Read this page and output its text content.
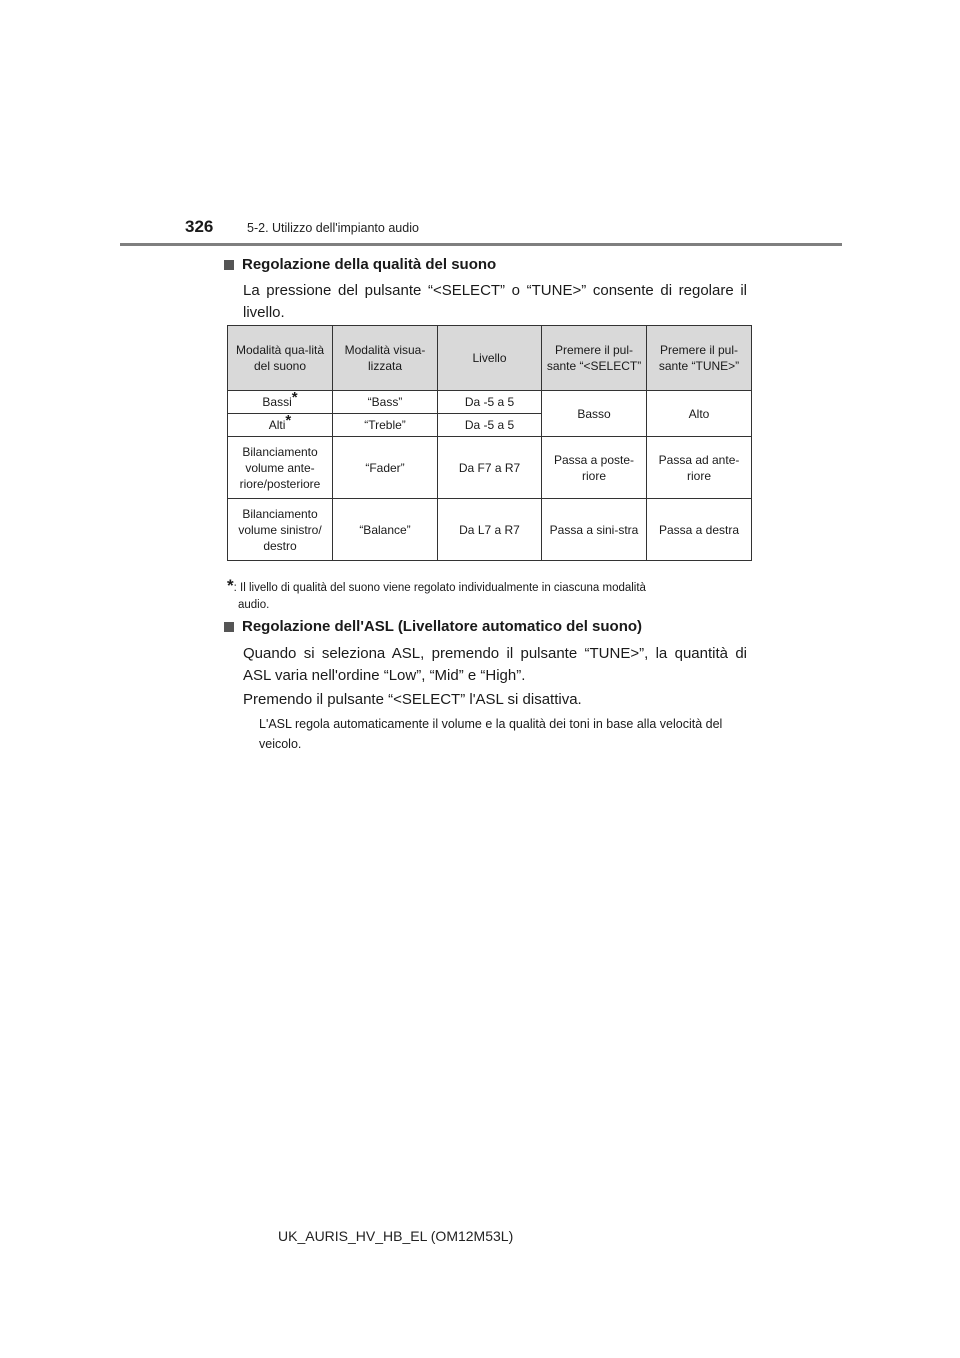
326	5-2. Utilizzo dell'impianto audio
Regolazione della qualità del suono
La pressione del pulsante “<SELECT” o “TUNE>” consente di regolare il livello.
Modalità qua-lità del suono	Modalità visua-lizzata	Livello	Premere il pul-sante “<SELECT”	Premere il pul-sante “TUNE>”
Bassi*	“Bass”	Da -5 a 5	Basso	Alto
Alti*	“Treble”	Da -5 a 5		
Bilanciamento volume ante-riore/posteriore	“Fader”	Da F7 a R7	Passa a poste-riore	Passa ad ante-riore
Bilanciamento volume sinistro/ destro	“Balance”	Da L7 a R7	Passa a sini-stra	Passa a destra
*: Il livello di qualità del suono viene regolato individualmente in ciascuna modalità
audio.
Regolazione dell'ASL (Livellatore automatico del suono)
Quando si seleziona ASL, premendo il pulsante “TUNE>”, la quantità di ASL varia nell'ordine “Low”, “Mid” e “High”.
Premendo il pulsante “<SELECT” l'ASL si disattiva.
L'ASL regola automaticamente il volume e la qualità dei toni in base alla velocità del veicolo.
UK_AURIS_HV_HB_EL (OM12M53L)
